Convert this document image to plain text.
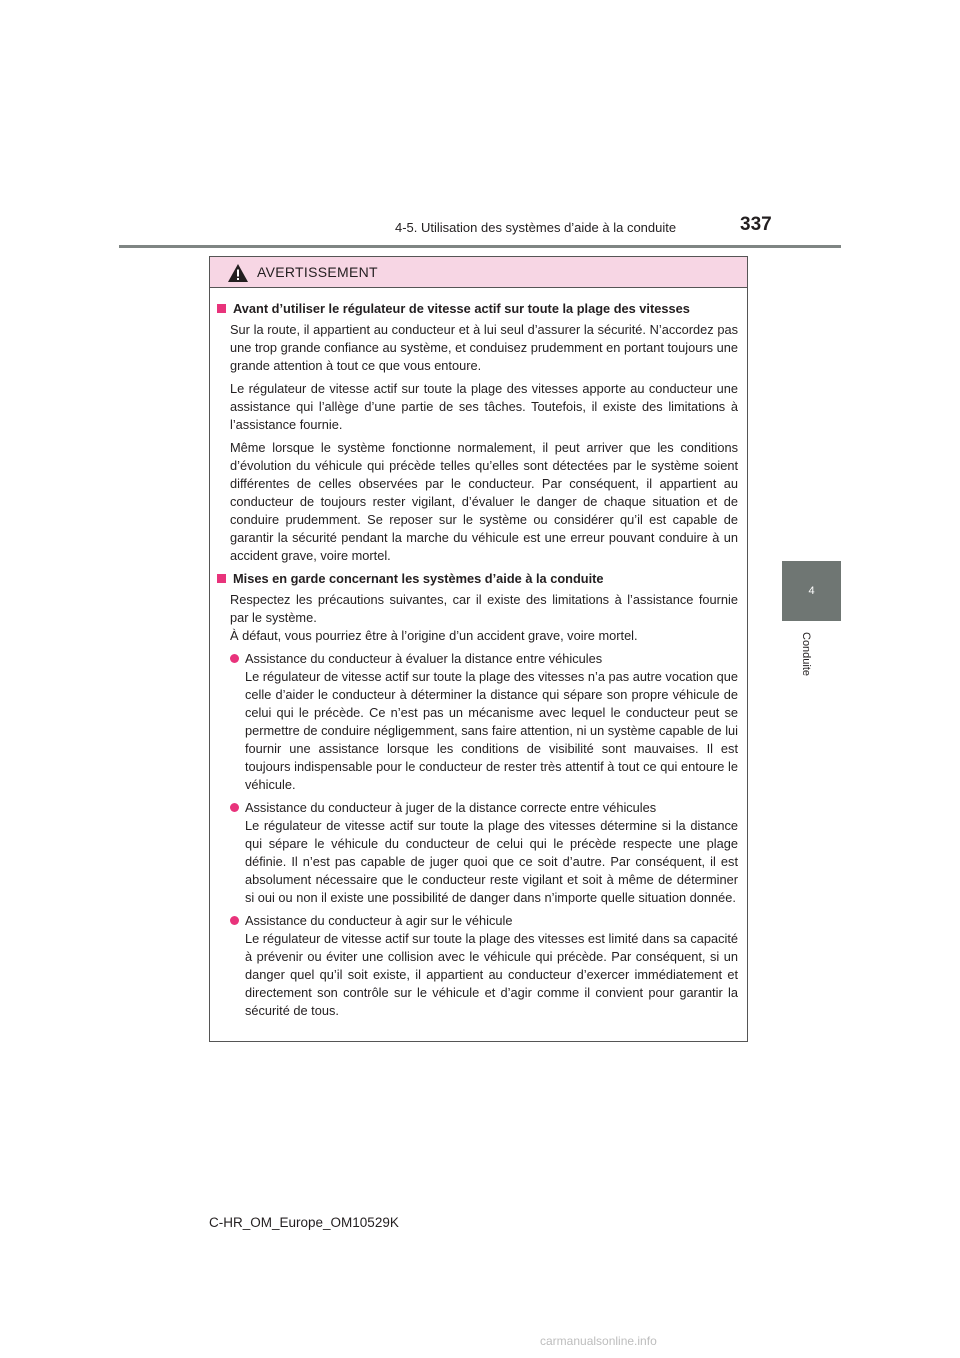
4-5. Utilisation des systèmes d’aide à la conduite	337
4
Conduite
AVERTISSEMENT
Avant d’utiliser le régulateur de vitesse actif sur toute la plage des vitesses

Sur la route, il appartient au conducteur et à lui seul d’assurer la sécurité. N’accordez pas une trop grande confiance au système, et conduisez prudemment en portant toujours une grande attention à tout ce que vous entoure.

Le régulateur de vitesse actif sur toute la plage des vitesses apporte au conducteur une assistance qui l’allège d’une partie de ses tâches. Toutefois, il existe des limitations à l’assistance fournie.

Même lorsque le système fonctionne normalement, il peut arriver que les conditions d’évolution du véhicule qui précède telles qu’elles sont détectées par le système soient différentes de celles observées par le conducteur. Par conséquent, il appartient au conducteur de toujours rester vigilant, d’évaluer le danger de chaque situation et de conduire prudemment. Se reposer sur le système ou considérer qu’il est capable de garantir la sécurité pendant la marche du véhicule est une erreur pouvant conduire à un accident grave, voire mortel.

Mises en garde concernant les systèmes d’aide à la conduite

Respectez les précautions suivantes, car il existe des limitations à l’assistance fournie par le système.
À défaut, vous pourriez être à l’origine d’un accident grave, voire mortel.

Assistance du conducteur à évaluer la distance entre véhicules
Le régulateur de vitesse actif sur toute la plage des vitesses n’a pas autre vocation que celle d’aider le conducteur à déterminer la distance qui sépare son propre véhicule de celui qui le précède. Ce n’est pas un mécanisme avec lequel le conducteur peut se permettre de conduire négligemment, sans faire attention, ni un système capable de lui fournir une assistance lorsque les conditions de visibilité sont mauvaises. Il est toujours indispensable pour le conducteur de rester très attentif à tout ce qui entoure le véhicule.
Assistance du conducteur à juger de la distance correcte entre véhicules
Le régulateur de vitesse actif sur toute la plage des vitesses détermine si la distance qui sépare le véhicule du conducteur de celui qui le précède respecte une plage définie. Il n’est pas capable de juger quoi que ce soit d’autre. Par conséquent, il est absolument nécessaire que le conducteur reste vigilant et soit à même de déterminer si oui ou non il existe une possibilité de danger dans n’importe quelle situation donnée.
Assistance du conducteur à agir sur le véhicule
Le régulateur de vitesse actif sur toute la plage des vitesses est limité dans sa capacité à prévenir ou éviter une collision avec le véhicule qui précède. Par conséquent, si un danger quel qu’il soit existe, il appartient au conducteur d’exercer immédiatement et directement son contrôle sur le véhicule et d’agir comme il convient pour garantir la sécurité de tous.
C-HR_OM_Europe_OM10529K
carmanualsonline.info
